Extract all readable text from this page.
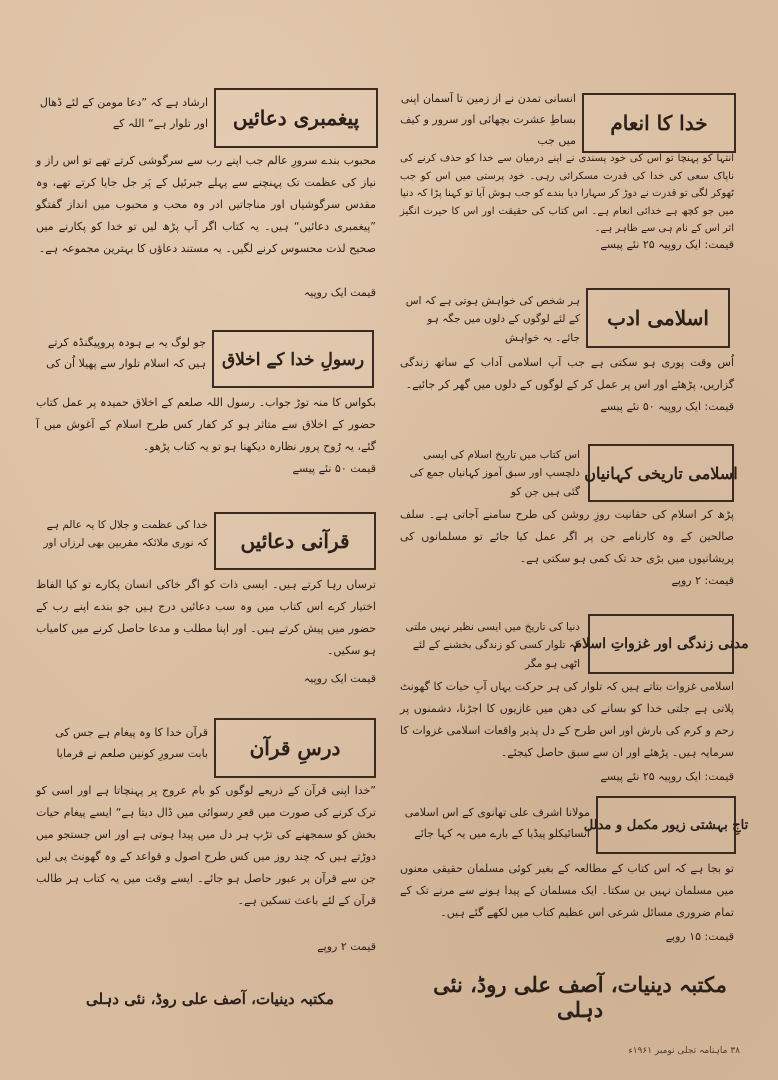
خدا کا انعام
انسانی تمدن نے از زمین تا آسمان اپنی بساطِ عشرت بچھائی اور سرور و کیف میں جب
انتہا کو پہنچا تو اس کی خود پسندی نے اپنے درمیان سے خدا کو حذف کرنے کی ناپاک سعی کی خدا کی قدرت مسکرائی رہی۔ خود پرستی میں اس کو جب ٹھوکر لگی تو قدرت نے دوڑ کر سہارا دیا بندے کو جب ہوش آیا تو کہنا پڑا کہ دنیا میں جو کچھ ہے خدائی انعام ہے۔ اس کتاب کی حقیقت اور اس کا حیرت انگیز اثر اس کے نام ہی سے ظاہر ہے۔
قیمت: ایک روپیہ ۲۵ نئے پیسے
اسلامی ادب
ہر شخص کی خواہش ہوتی ہے کہ اس کے لئے لوگوں کے دلوں میں جگہ ہو جائے۔ یہ خواہش
اُس وقت پوری ہو سکتی ہے جب آپ اسلامی آداب کے ساتھ زندگی گزاریں، پڑھئے اور اس پر عمل کر کے لوگوں کے دلوں میں گھر کر جائیے۔
قیمت: ایک روپیہ ۵۰ نئے پیسے
اسلامی تاریخی کہانیاں
اس کتاب میں تاریخ اسلام کی ایسی دلچسپ اور سبق آموز کہانیاں جمع کی گئی ہیں جن کو
پڑھ کر اسلام کی حقانیت روزِ روشن کی طرح سامنے آجاتی ہے۔ سلف صالحین کے وہ کارنامے جن پر اگر عمل کیا جائے تو مسلمانوں کی پریشانیوں میں بڑی حد تک کمی ہو سکتی ہے۔
قیمت: ۲ روپے
مدنی زندگی اور غزواتِ اسلام
دنیا کی تاریخ میں ایسی نظیر نہیں ملتی کہ تلوار کسی کو زندگی بخشنے کے لئے اٹھی ہو مگر
اسلامی غزوات بتاتے ہیں کہ تلوار کی ہر حرکت یہاں آبِ حیات کا گھونٹ پلاتی ہے جلتی خدا کو بسانے کی دھن میں غازیوں کا اجڑنا، دشمنوں پر رحم و کرم کی بارش اور اس طرح کے دل پذیر واقعات اسلامی غزوات کا سرمایہ ہیں۔ پڑھئے اور ان سے سبق حاصل کیجئے۔
قیمت: ایک روپیہ ۲۵ نئے پیسے
تاجِ بہشتی زیور مکمل و مدلل
مولانا اشرف علی تھانوی کے اس اسلامی انسائیکلو پیڈیا کے بارے میں یہ کہا جائے
تو بجا ہے کہ اس کتاب کے مطالعہ کے بغیر کوئی مسلمان حقیقی معنوں میں مسلمان نہیں بن سکتا۔ ایک مسلمان کے پیدا ہونے سے مرنے تک کے تمام ضروری مسائل شرعی اس عظیم کتاب میں لکھے گئے ہیں۔
قیمت: ۱۵ روپے
پیغمبری دعائیں
ارشاد ہے کہ ”دعا مومن کے لئے ڈھال اور تلوار ہے“ اللہ کے
محبوب بندے سرورِ عالم جب اپنے رب سے سرگوشی کرتے تھے تو اس راز و نیاز کی عظمت تک پہنچنے سے پہلے جبرئیل کے پَر جل جایا کرتے تھے، وہ مقدس سرگوشیاں اور مناجاتیں ادر وہ محب و محبوب میں انداز گفتگو ”پیغمبری دعائیں“ ہیں۔ یہ کتاب اگر آپ پڑھ لیں تو خدا کو پکارنے میں صحیح لذت محسوس کرنے لگیں۔ یہ مستند دعاؤں کا بہترین مجموعہ ہے۔
قیمت ایک روپیہ
رسولِ خدا کے اخلاق
جو لوگ یہ بے ہودہ پروپیگنڈہ کرتے ہیں کہ اسلام تلوار سے پھیلا اُن کی
بکواس کا منہ توڑ جواب۔ رسول اللہ صلعم کے اخلاق حمیدہ پر عمل کتاب حضور کے اخلاق سے متاثر ہو کر کفار کس طرح اسلام کے آغوش میں آ گئے، یہ رُوح پرور نظارہ دیکھنا ہو تو یہ کتاب پڑھو۔
قیمت ۵۰ نئے پیسے
قرآنی دعائیں
خدا کی عظمت و جلال کا یہ عالم ہے کہ نوری ملائکہ مقربین بھی لرزاں اور
ترساں رہا کرتے ہیں۔ ایسی ذات کو اگر خاکی انسان پکارے تو کیا الفاظ اختیار کرے اس کتاب میں وہ سب دعائیں درج ہیں جو بندے اپنے رب کے حضور میں پیش کرتے ہیں۔ اور اپنا مطلب و مدعا حاصل کرنے میں کامیاب ہو سکیں۔
قیمت ایک روپیہ
درسِ قرآن
قرآن خدا کا وہ پیغام ہے جس کی بابت سرورِ کونین صلعم نے فرمایا
”خدا اپنی قرآن کے ذریعے لوگوں کو بام عروج پر پہنچاتا ہے اور اسی کو ترک کرنے کی صورت میں قعرِ رسوائی میں ڈال دیتا ہے“ ایسے پیغام حیات بخش کو سمجھنے کی تڑپ ہر دل میں پیدا ہوتی ہے اور اس جستجو میں دوڑتے ہیں کہ چند روز میں کس طرح اصول و قواعد کے وہ گھونٹ پی لیں جن سے قرآن پر عبور حاصل ہو جائے۔ ایسے وقت میں یہ کتاب ہر طالب قرآن کے لئے باعث تسکین ہے۔
قیمت ۲ روپے
مکتبہ دینیات، آصف علی روڈ، نئی دہلی
مکتبہ دینیات، آصف علی روڈ، نئی دہلی
۳۸ ماہنامہ تجلی نومبر ۱۹۶۱ء
